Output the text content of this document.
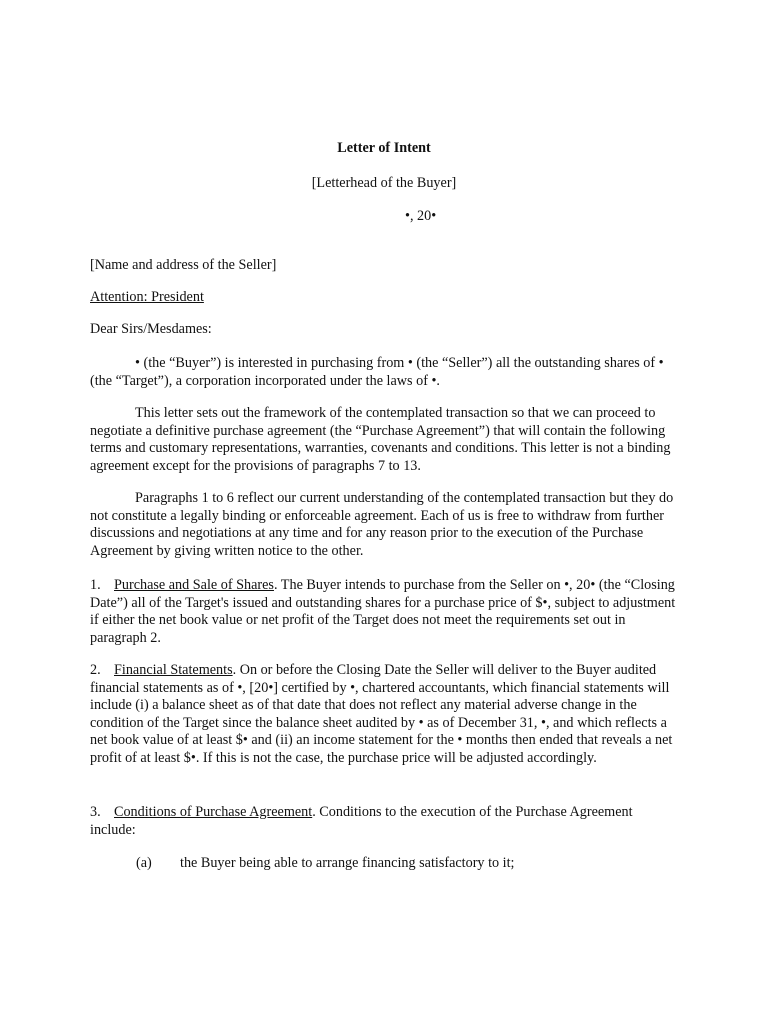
Letter of Intent
[Letterhead of the Buyer]
•, 20•
[Name and address of the Seller]
Attention: President
Dear Sirs/Mesdames:

• (the “Buyer”) is interested in purchasing from • (the “Seller”) all the outstanding shares of • (the “Target”), a corporation incorporated under the laws of •.

This letter sets out the framework of the contemplated transaction so that we can proceed to negotiate a definitive purchase agreement (the “Purchase Agreement”) that will contain the following terms and customary representations, warranties, covenants and conditions. This letter is not a binding agreement except for the provisions of paragraphs 7 to 13.

Paragraphs 1 to 6 reflect our current understanding of the contemplated transaction but they do not constitute a legally binding or enforceable agreement. Each of us is free to withdraw from further discussions and negotiations at any time and for any reason prior to the execution of the Purchase Agreement by giving written notice to the other.

1. Purchase and Sale of Shares. The Buyer intends to purchase from the Seller on •, 20• (the “Closing Date”) all of the Target's issued and outstanding shares for a purchase price of $•, subject to adjustment if either the net book value or net profit of the Target does not meet the requirements set out in paragraph 2.

2. Financial Statements. On or before the Closing Date the Seller will deliver to the Buyer audited financial statements as of •, [20•] certified by •, chartered accountants, which financial statements will include (i) a balance sheet as of that date that does not reflect any material adverse change in the condition of the Target since the balance sheet audited by • as of December 31, •, and which reflects a net book value of at least $• and (ii) an income statement for the • months then ended that reveals a net profit of at least $•. If this is not the case, the purchase price will be adjusted accordingly.

3. Conditions of Purchase Agreement. Conditions to the execution of the Purchase Agreement include:

(a) the Buyer being able to arrange financing satisfactory to it;
